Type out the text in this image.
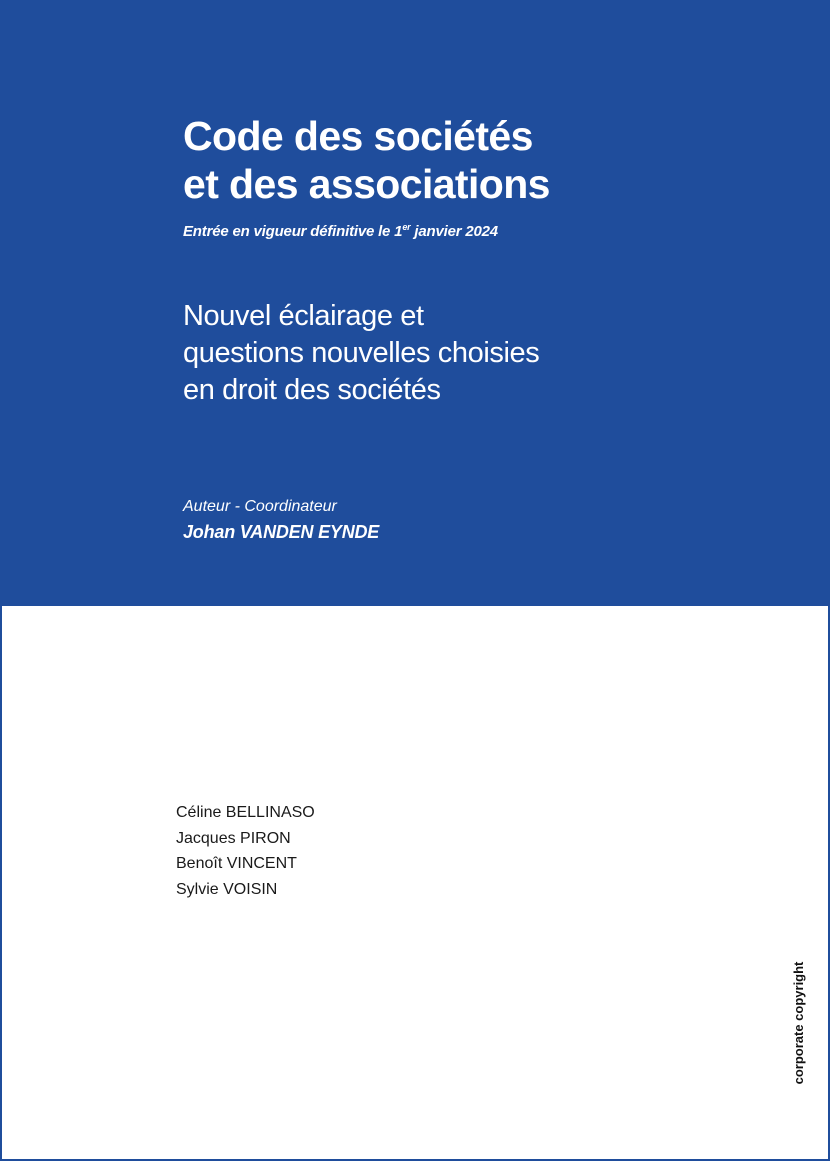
Code des sociétés
et des associations

Entrée en vigueur définitive le 1er janvier 2024

Nouvel éclairage et
questions nouvelles choisies
en droit des sociétés
Auteur - Coordinateur
Johan VANDEN EYNDE
Céline BELLINASO
Jacques PIRON
Benoît VINCENT
Sylvie VOISIN
corporate copyright
